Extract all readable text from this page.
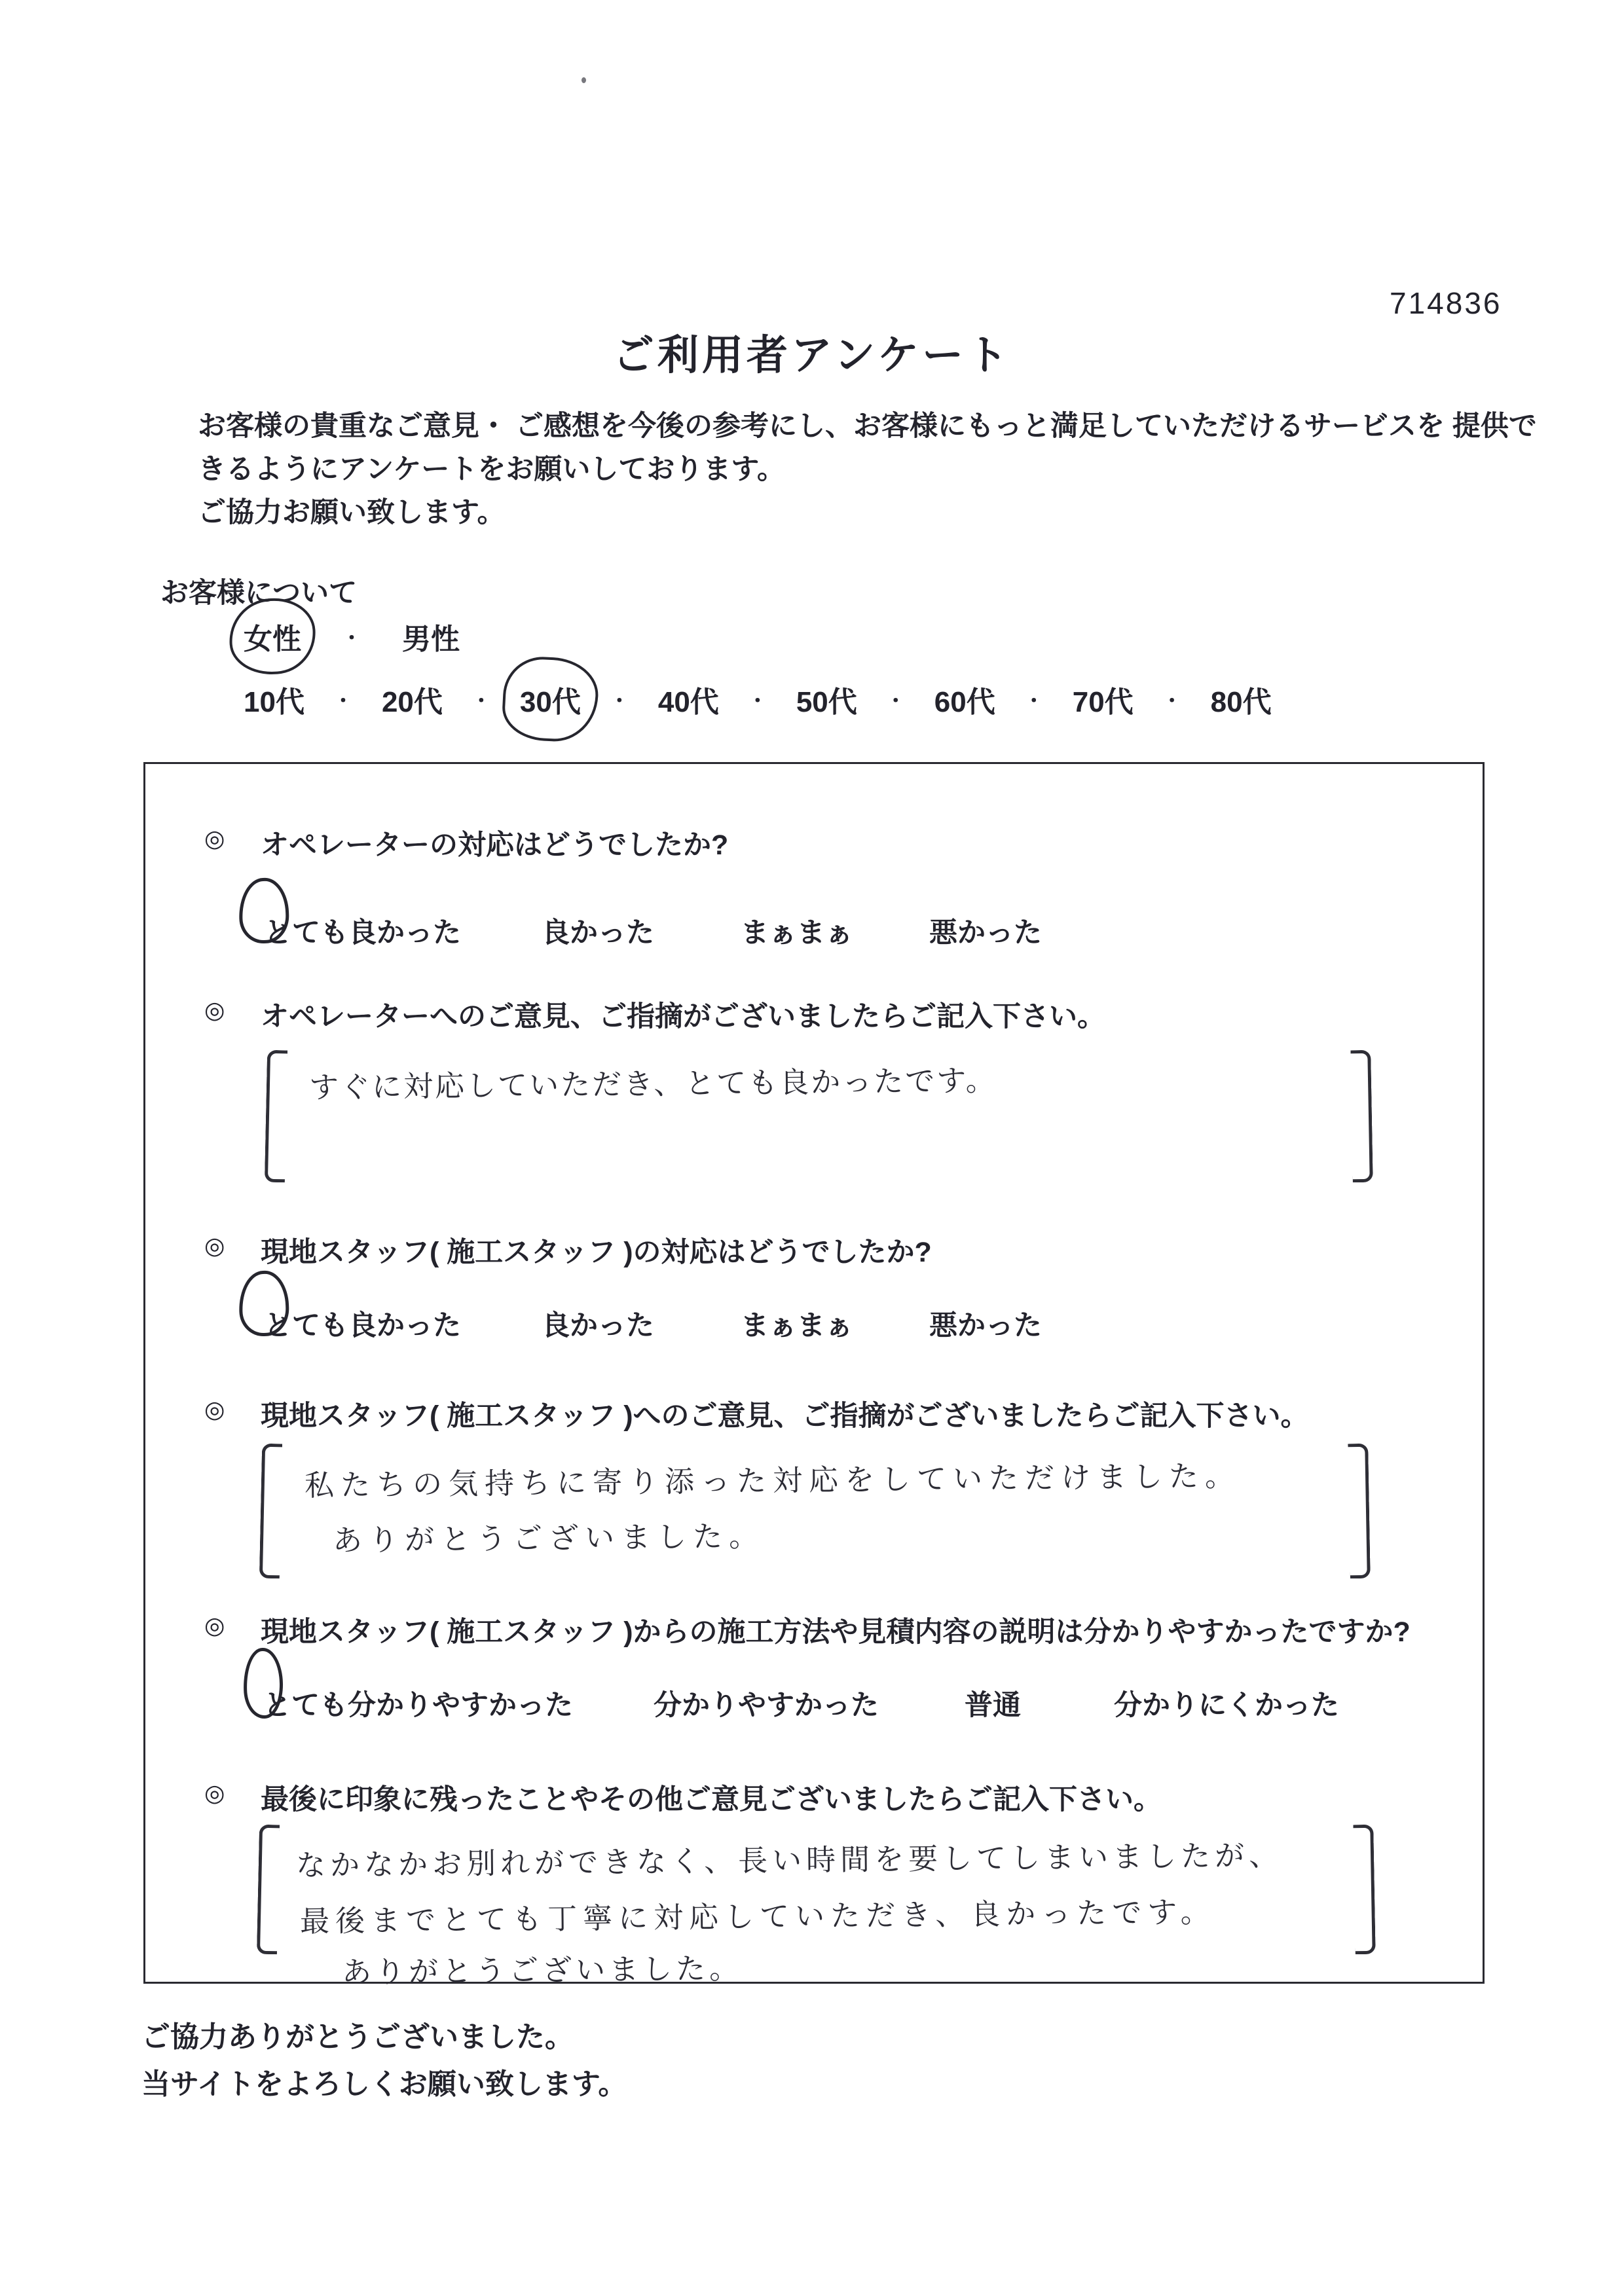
714836
ご利用者アンケート
お客様の貴重なご意見・ ご感想を今後の参考にし、お客様にもっと満足していただけるサービスを 提供で
きるようにアンケートをお願いしております。
ご協力お願い致します。
お客様について
女性 ・ 男性
10代 ・ 20代 ・ 30代 ・ 40代 ・ 50代 ・ 60代 ・ 70代 ・ 80代
◎ オペレーターの対応はどうでしたか?
とても良かった	良かった	まぁまぁ	悪かった
◎ オペレーターへのご意見、ご指摘がございましたらご記入下さい。
すぐに対応していただき、とても良かったです。
◎ 現地スタッフ( 施工スタッフ )の対応はどうでしたか?
とても良かった	良かった	まぁまぁ	悪かった
◎ 現地スタッフ( 施工スタッフ )へのご意見、ご指摘がございましたらご記入下さい。
私たちの気持ちに寄り添った対応をしていただけました。
ありがとうございました。
◎ 現地スタッフ( 施工スタッフ )からの施工方法や見積内容の説明は分かりやすかったですか?
とても分かりやすかった	分かりやすかった	普通	分かりにくかった
◎ 最後に印象に残ったことやその他ご意見ございましたらご記入下さい。
なかなかお別れができなく、長い時間を要してしまいましたが、
最後までとても丁寧に対応していただき、良かったです。
ありがとうございました。
ご協力ありがとうございました。
当サイトをよろしくお願い致します。
